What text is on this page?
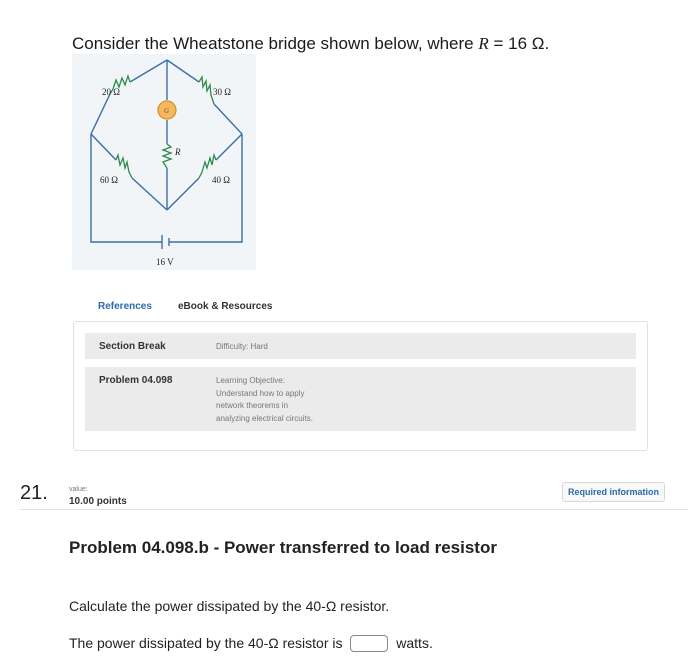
Consider the Wheatstone bridge shown below, where R = 16 Ω.
20 Ω	30 Ω
60 Ω	40 Ω
R
G
16 V
References	eBook & Resources
Section Break	Difficulty: Hard
Problem 04.098	Learning Objective:
Understand how to apply
network theorems in
analyzing electrical circuits.
21.	value:
10.00 points
Required information
Problem 04.098.b - Power transferred to load resistor
Calculate the power dissipated by the 40-Ω resistor.
The power dissipated by the 40-Ω resistor is	watts.
